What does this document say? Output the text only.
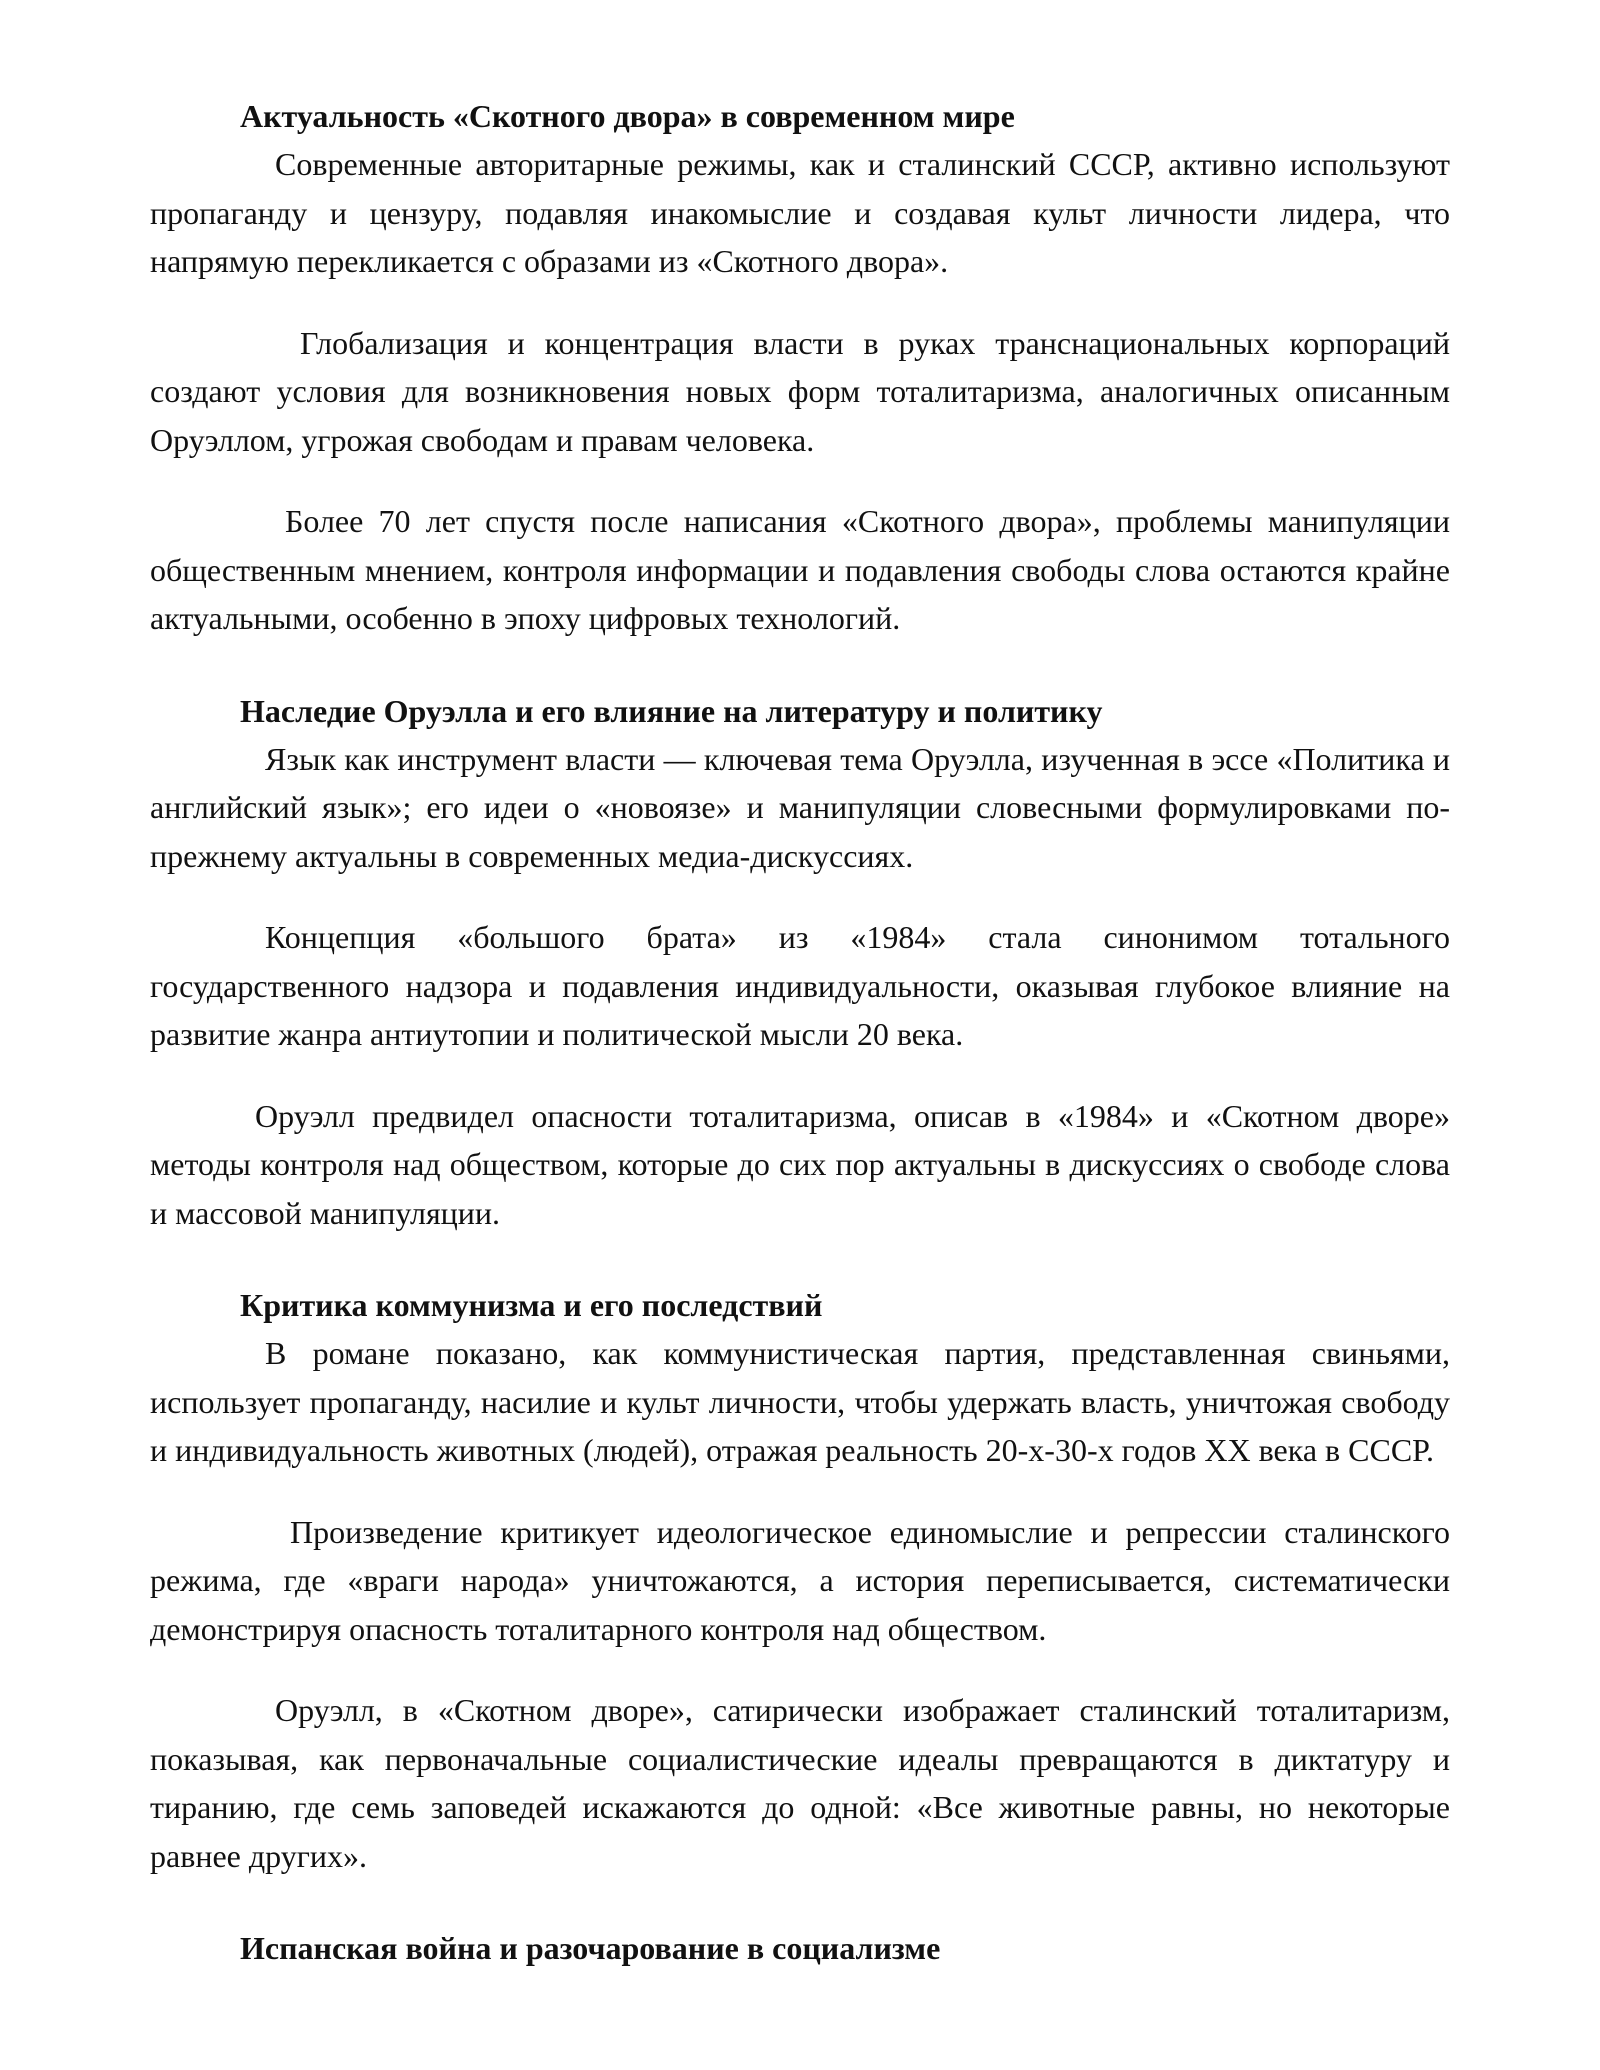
Актуальность «Скотного двора» в современном мире

Современные авторитарные режимы, как и сталинский СССР, активно используют пропаганду и цензуру, подавляя инакомыслие и создавая культ личности лидера, что напрямую перекликается с образами из «Скотного двора».

Глобализация и концентрация власти в руках транснациональных корпораций создают условия для возникновения новых форм тоталитаризма, аналогичных описанным Оруэллом, угрожая свободам и правам человека.

Более 70 лет спустя после написания «Скотного двора», проблемы манипуляции общественным мнением, контроля информации и подавления свободы слова остаются крайне актуальными, особенно в эпоху цифровых технологий.

Наследие Оруэлла и его влияние на литературу и политику

Язык как инструмент власти — ключевая тема Оруэлла, изученная в эссе «Политика и английский язык»; его идеи о «новоязе» и манипуляции словесными формулировками по-прежнему актуальны в современных медиа-дискуссиях.

Концепция «большого брата» из «1984» стала синонимом тотального государственного надзора и подавления индивидуальности, оказывая глубокое влияние на развитие жанра антиутопии и политической мысли 20 века.

Оруэлл предвидел опасности тоталитаризма, описав в «1984» и «Скотном дворе» методы контроля над обществом, которые до сих пор актуальны в дискуссиях о свободе слова и массовой манипуляции.

Критика коммунизма и его последствий

В романе показано, как коммунистическая партия, представленная свиньями, использует пропаганду, насилие и культ личности, чтобы удержать власть, уничтожая свободу и индивидуальность животных (людей), отражая реальность 20-х-30-х годов XX века в СССР.

Произведение критикует идеологическое единомыслие и репрессии сталинского режима, где «враги народа» уничтожаются, а история переписывается, систематически демонстрируя опасность тоталитарного контроля над обществом.

Оруэлл, в «Скотном дворе», сатирически изображает сталинский тоталитаризм, показывая, как первоначальные социалистические идеалы превращаются в диктатуру и тиранию, где семь заповедей искажаются до одной: «Все животные равны, но некоторые равнее других».

Испанская война и разочарование в социализме
